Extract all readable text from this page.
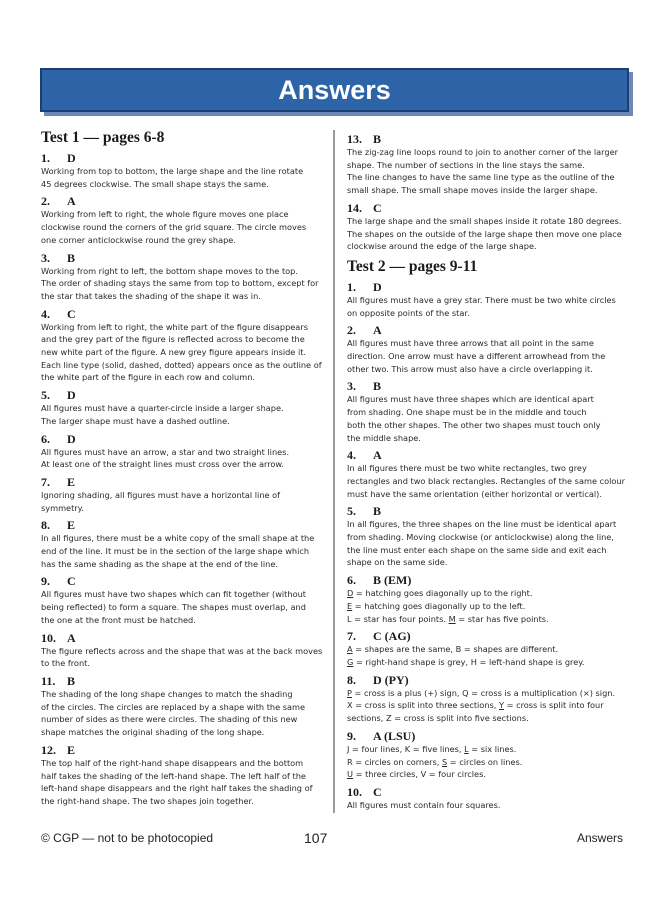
Answers
Test 1 — pages 6-8
1. D
Working from top to bottom, the large shape and the line rotate
45 degrees clockwise. The small shape stays the same.
2. A
Working from left to right, the whole figure moves one place
clockwise round the corners of the grid square. The circle moves
one corner anticlockwise round the grey shape.
3. B
Working from right to left, the bottom shape moves to the top.
The order of shading stays the same from top to bottom, except for
the star that takes the shading of the shape it was in.
4. C
Working from left to right, the white part of the figure disappears
and the grey part of the figure is reflected across to become the
new white part of the figure. A new grey figure appears inside it.
Each line type (solid, dashed, dotted) appears once as the outline of
the white part of the figure in each row and column.
5. D
All figures must have a quarter-circle inside a larger shape.
The larger shape must have a dashed outline.
6. D
All figures must have an arrow, a star and two straight lines.
At least one of the straight lines must cross over the arrow.
7. E
Ignoring shading, all figures must have a horizontal line of
symmetry.
8. E
In all figures, there must be a white copy of the small shape at the
end of the line. It must be in the section of the large shape which
has the same shading as the shape at the end of the line.
9. C
All figures must have two shapes which can fit together (without
being reflected) to form a square. The shapes must overlap, and
the one at the front must be hatched.
10. A
The figure reflects across and the shape that was at the back moves
to the front.
11. B
The shading of the long shape changes to match the shading
of the circles. The circles are replaced by a shape with the same
number of sides as there were circles. The shading of this new
shape matches the original shading of the long shape.
12. E
The top half of the right-hand shape disappears and the bottom
half takes the shading of the left-hand shape. The left half of the
left-hand shape disappears and the right half takes the shading of
the right-hand shape. The two shapes join together.
13. B
The zig-zag line loops round to join to another corner of the larger
shape. The number of sections in the line stays the same.
The line changes to have the same line type as the outline of the
small shape. The small shape moves inside the larger shape.
14. C
The large shape and the small shapes inside it rotate 180 degrees.
The shapes on the outside of the large shape then move one place
clockwise around the edge of the large shape.
Test 2 — pages 9-11
1. D
All figures must have a grey star. There must be two white circles
on opposite points of the star.
2. A
All figures must have three arrows that all point in the same
direction. One arrow must have a different arrowhead from the
other two. This arrow must also have a circle overlapping it.
3. B
All figures must have three shapes which are identical apart
from shading. One shape must be in the middle and touch
both the other shapes. The other two shapes must touch only
the middle shape.
4. A
In all figures there must be two white rectangles, two grey
rectangles and two black rectangles. Rectangles of the same colour
must have the same orientation (either horizontal or vertical).
5. B
In all figures, the three shapes on the line must be identical apart
from shading. Moving clockwise (or anticlockwise) along the line,
the line must enter each shape on the same side and exit each
shape on the same side.
6. B (EM)
D = hatching goes diagonally up to the right.
E = hatching goes diagonally up to the left.
L = star has four points. M = star has five points.
7. C (AG)
A = shapes are the same, B = shapes are different.
G = right-hand shape is grey, H = left-hand shape is grey.
8. D (PY)
P = cross is a plus (+) sign, Q = cross is a multiplication (×) sign.
X = cross is split into three sections, Y = cross is split into four
sections, Z = cross is split into five sections.
9. A (LSU)
J = four lines, K = five lines, L = six lines.
R = circles on corners, S = circles on lines.
U = three circles, V = four circles.
10. C
All figures must contain four squares.
© CGP — not to be photocopied	107	Answers
